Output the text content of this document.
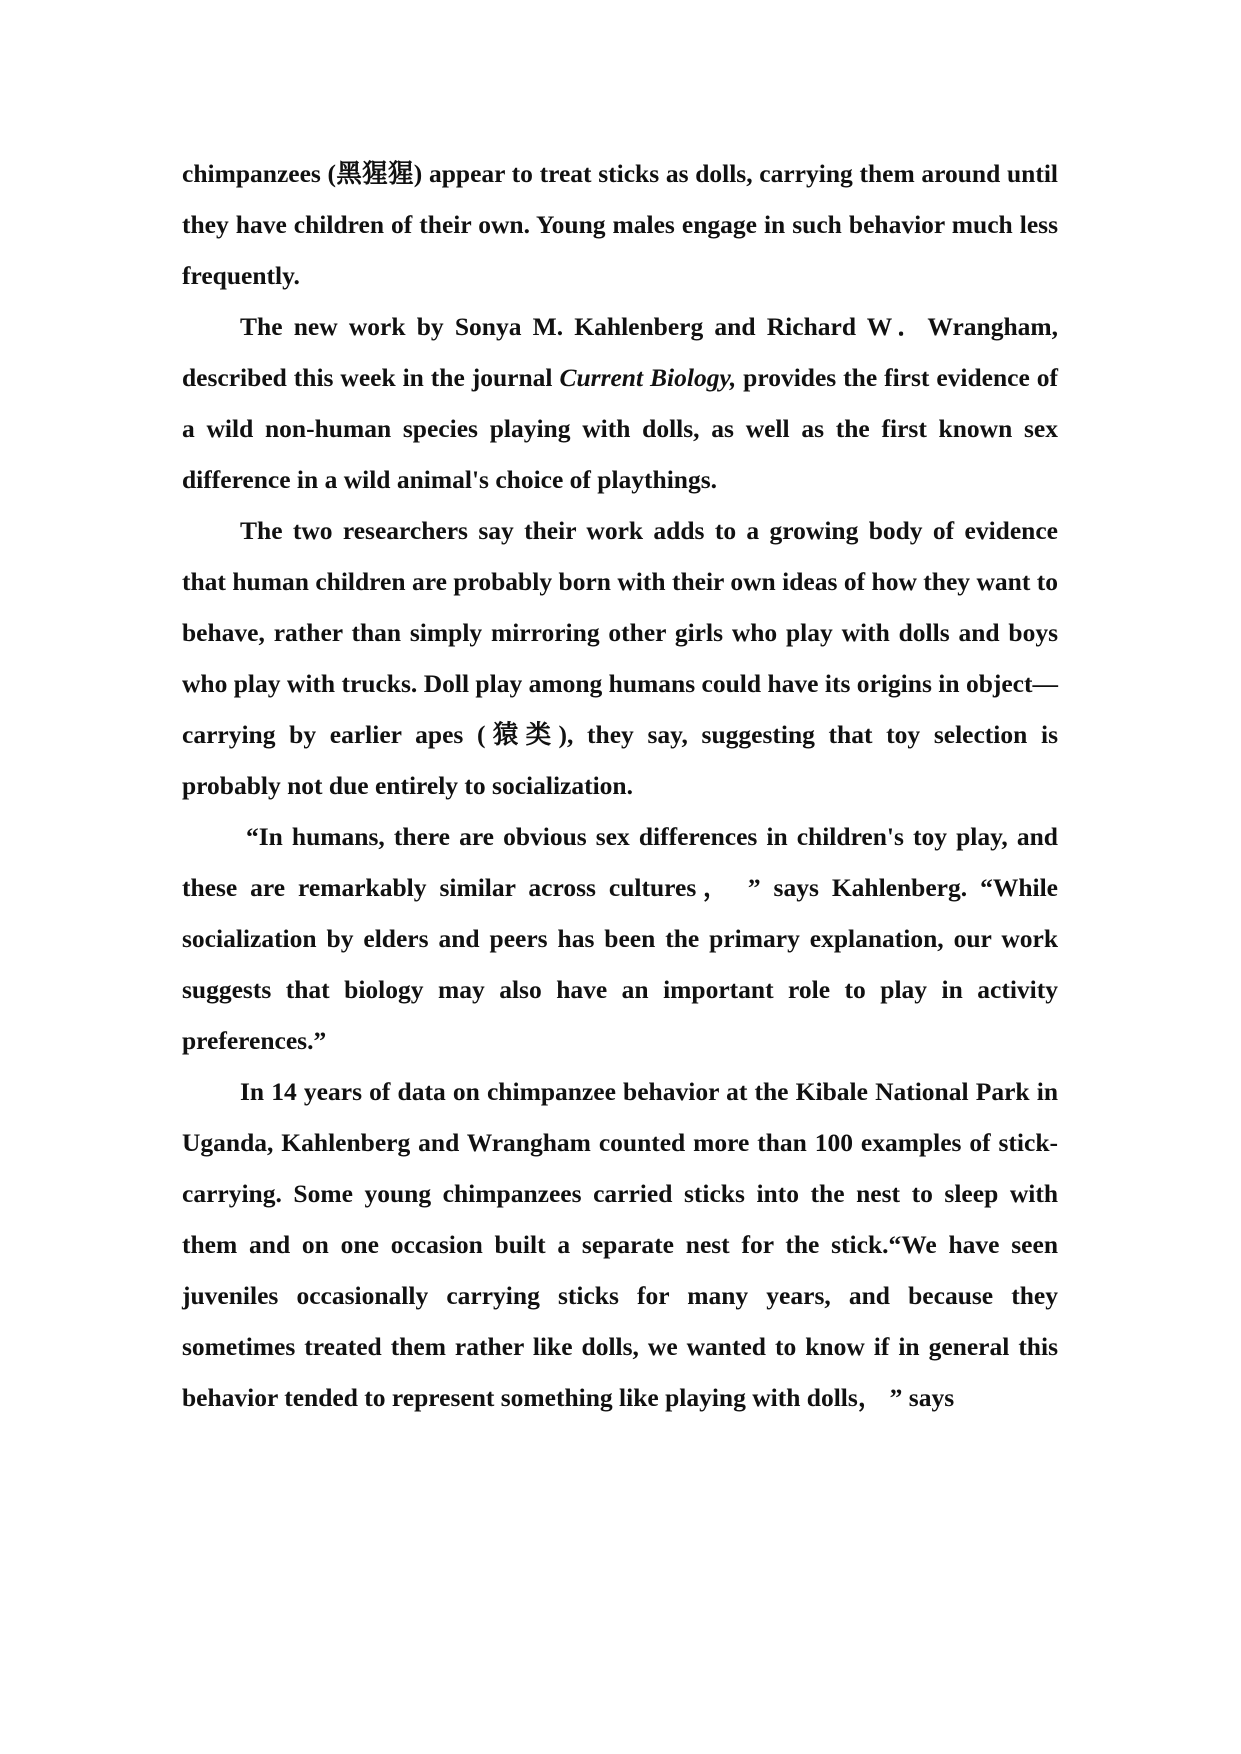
chimpanzees (黑猩猩) appear to treat sticks as dolls, carrying them around until they have children of their own. Young males engage in such behavior much less frequently.

The new work by Sonya M. Kahlenberg and Richard W．Wrangham, described this week in the journal Current Biology, provides the first evidence of a wild non-human species playing with dolls, as well as the first known sex difference in a wild animal's choice of playthings.

The two researchers say their work adds to a growing body of evidence that human children are probably born with their own ideas of how they want to behave, rather than simply mirroring other girls who play with dolls and boys who play with trucks. Doll play among humans could have its origins in object—carrying by earlier apes (猿类), they say, suggesting that toy selection is probably not due entirely to socialization.

“In humans, there are obvious sex differences in children's toy play, and these are remarkably similar across cultures， ” says Kahlenberg. “While socialization by elders and peers has been the primary explanation, our work suggests that biology may also have an important role to play in activity preferences.”

In 14 years of data on chimpanzee behavior at the Kibale National Park in Uganda, Kahlenberg and Wrangham counted more than 100 examples of stick-carrying. Some young chimpanzees carried sticks into the nest to sleep with them and on one occasion built a separate nest for the stick.“We have seen juveniles occasionally carrying sticks for many years, and because they sometimes treated them rather like dolls, we wanted to know if in general this behavior tended to represent something like playing with dolls， ” says
